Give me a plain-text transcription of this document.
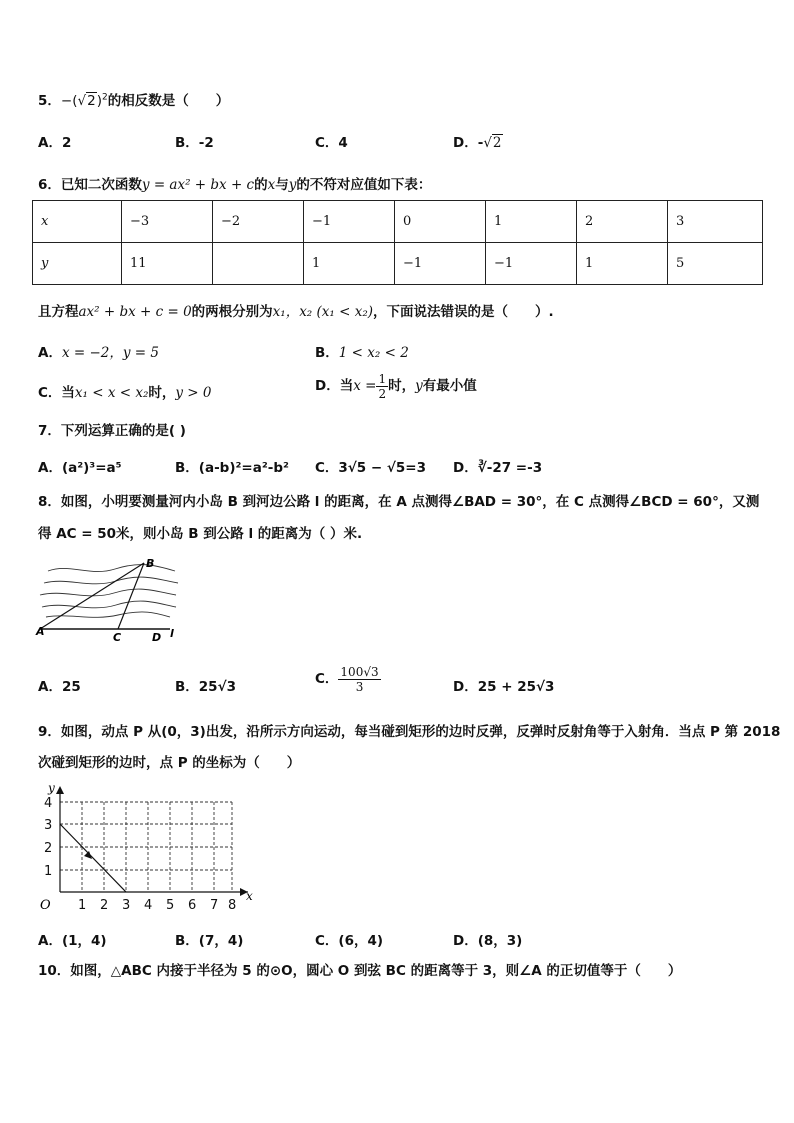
5．$-(√2)^2$的相反数是（　　）
A．2	B．-2	C．4	D．-√2
6．已知二次函数y = ax² + bx + c的x与y的不符对应值如下表：
x	−3	−2	−1	0	1	2	3
y	11		1	−1	−1	1	5
且方程ax² + bx + c = 0的两根分别为x₁，x₂ (x₁ < x₂)，下面说法错误的是（　　）.
A．x = −2，y = 5	B．1 < x₂ < 2
C．当x₁ < x < x₂时，y > 0	D．当$x = \frac{1}{2}$ 时，y有最小值
7．下列运算正确的是( )
A．(a²)³=a⁵	B．(a-b)²=a²-b² C．3√5 − √5=3 D．∛-27 =-3
8．如图，小明要测量河内小岛 B 到河边公路 l 的距离，在 A 点测得∠BAD = 30°，在 C 点测得∠BCD = 60°，又测
得 AC = 50米，则小岛 B 到公路 l 的距离为（ ）米.
A
B
C	D l
A．25	B．25√3	C． $\frac{100√3}{3}$	D．25 + 25√3
9．如图，动点 P 从(0，3)出发，沿所示方向运动，每当碰到矩形的边时反弹，反弹时反射角等于入射角．当点 P 第 2018
次碰到矩形的边时，点 P 的坐标为（　　）
1 2 3 4 5 6 7 8
1
2
3
4
O
x
y
A．(1，4)	B．(7，4)	C．(6，4)	D．(8，3)
10．如图，△ABC 内接于半径为 5 的⊙O，圆心 O 到弦 BC 的距离等于 3，则∠A 的正切值等于（　　）
